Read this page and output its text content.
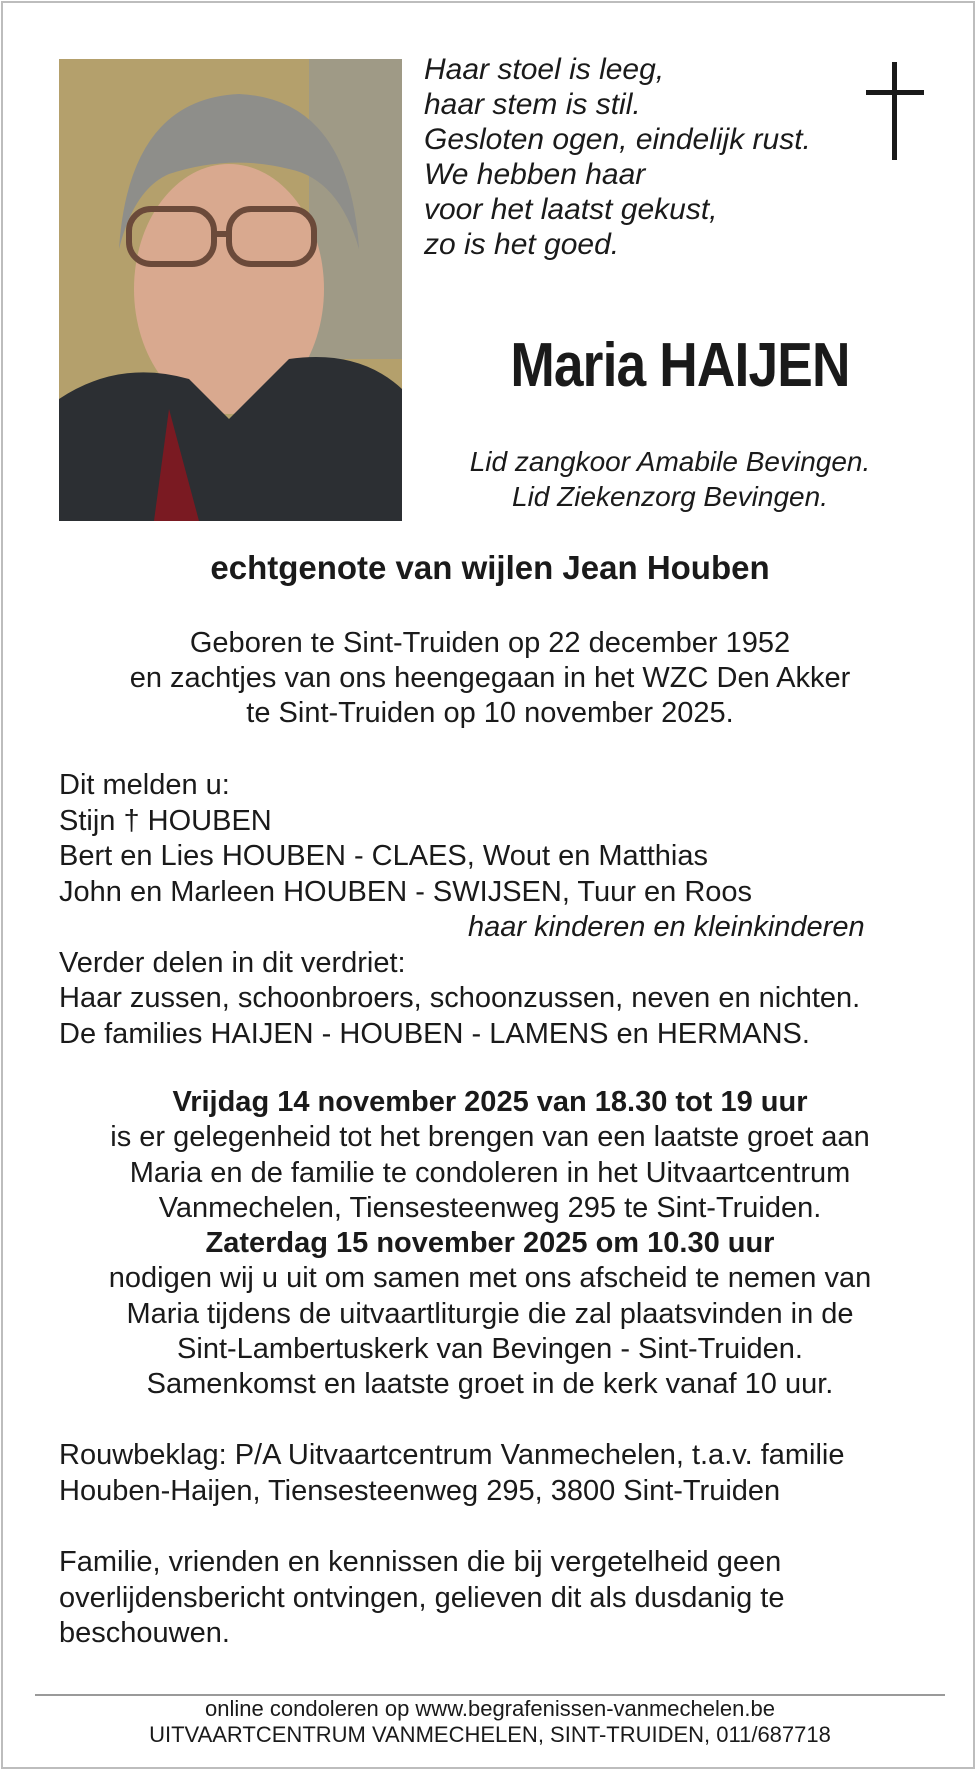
Haar stoel is leeg,
haar stem is stil.
Gesloten ogen, eindelijk rust.
We hebben haar
voor het laatst gekust,
zo is het goed.
Maria HAIJEN
Lid zangkoor Amabile Bevingen.
Lid Ziekenzorg Bevingen.
echtgenote van wijlen Jean Houben
Geboren te Sint-Truiden op 22 december 1952
en zachtjes van ons heengegaan in het WZC Den Akker
te Sint-Truiden op 10 november 2025.
Dit melden u:
Stijn † HOUBEN
Bert en Lies HOUBEN - CLAES, Wout en Matthias
John en Marleen HOUBEN - SWIJSEN, Tuur en Roos
haar kinderen en kleinkinderen
Verder delen in dit verdriet:
Haar zussen, schoonbroers, schoonzussen, neven en nichten.
De families HAIJEN - HOUBEN - LAMENS en HERMANS.
Vrijdag 14 november 2025 van 18.30 tot 19 uur
is er gelegenheid tot het brengen van een laatste groet aan
Maria en de familie te condoleren in het Uitvaartcentrum
Vanmechelen, Tiensesteenweg 295 te Sint-Truiden.
Zaterdag 15 november 2025 om 10.30 uur
nodigen wij u uit om samen met ons afscheid te nemen van
Maria tijdens de uitvaartliturgie die zal plaatsvinden in de
Sint-Lambertuskerk van Bevingen - Sint-Truiden.
Samenkomst en laatste groet in de kerk vanaf 10 uur.
Rouwbeklag: P/A Uitvaartcentrum Vanmechelen, t.a.v. familie
Houben-Haijen, Tiensesteenweg 295, 3800 Sint-Truiden
Familie, vrienden en kennissen die bij vergetelheid geen
overlijdensbericht ontvingen, gelieven dit als dusdanig te
beschouwen.
online condoleren op www.begrafenissen-vanmechelen.be
UITVAARTCENTRUM VANMECHELEN, SINT-TRUIDEN, 011/687718
